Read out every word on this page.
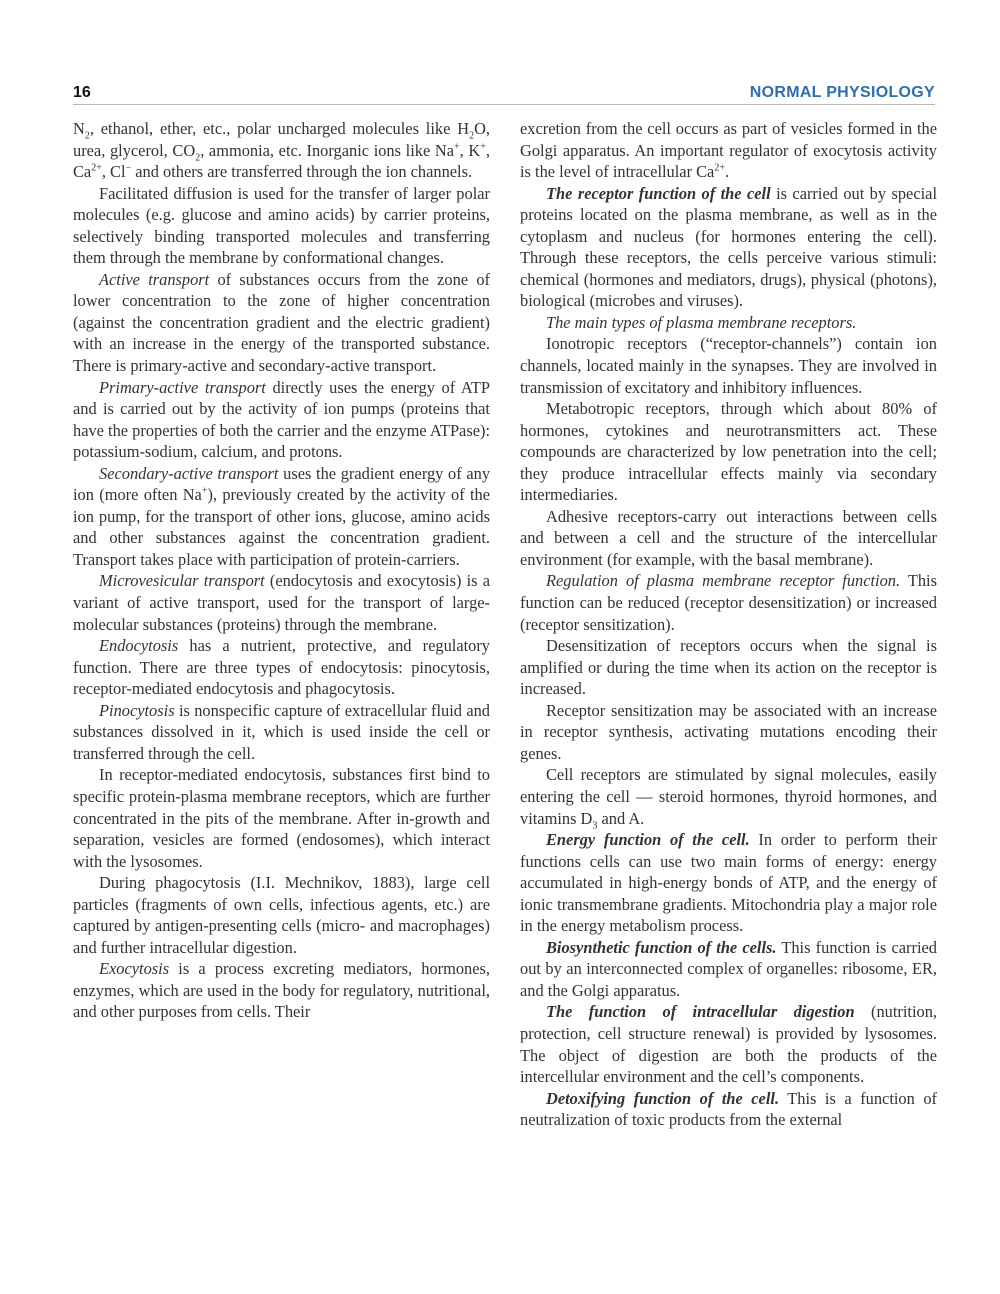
16	NORMAL PHYSIOLOGY

$N_2$, ethanol, ether, etc., polar uncharged molecules like $H_2O$, urea, glycerol, $CO_2$, ammonia, etc. Inorganic ions like Na+, K+, $Ca^{2+}$, Cl− and others are transferred through the ion channels.

Facilitated diffusion is used for the transfer of larger polar molecules (e.g. glucose and amino acids) by carrier proteins, selectively binding transported molecules and transferring them through the membrane by conformational changes.

Active transport of substances occurs from the zone of lower concentration to the zone of higher concentration (against the concentration gradient and the electric gradient) with an increase in the energy of the transported substance. There is primary-active and secondary-active transport.

Primary-active transport directly uses the energy of ATP and is carried out by the activity of ion pumps (proteins that have the properties of both the carrier and the enzyme ATPase): potassium-sodium, calcium, and protons.

Secondary-active transport uses the gradient energy of any ion (more often Na+), previously created by the activity of the ion pump, for the transport of other ions, glucose, amino acids and other substances against the concentration gradient. Transport takes place with participation of protein-carriers.

Microvesicular transport (endocytosis and exocytosis) is a variant of active transport, used for the transport of large-molecular substances (proteins) through the membrane.

Endocytosis has a nutrient, protective, and regulatory function. There are three types of endocytosis: pinocytosis, receptor-mediated endocytosis and phagocytosis.

Pinocytosis is nonspecific capture of extracellular fluid and substances dissolved in it, which is used inside the cell or transferred through the cell.

In receptor-mediated endocytosis, substances first bind to specific protein-plasma membrane receptors, which are further concentrated in the pits of the membrane. After in-growth and separation, vesicles are formed (endosomes), which interact with the lysosomes.

During phagocytosis (I.I. Mechnikov, 1883), large cell particles (fragments of own cells, infectious agents, etc.) are captured by antigen-presenting cells (micro- and macrophages) and further intracellular digestion.

Exocytosis is a process excreting mediators, hormones, enzymes, which are used in the body for regulatory, nutritional, and other purposes from cells. Their

excretion from the cell occurs as part of vesicles formed in the Golgi apparatus. An important regulator of exocytosis activity is the level of intracellular $Ca^{2+}$.

The receptor function of the cell is carried out by special proteins located on the plasma membrane, as well as in the cytoplasm and nucleus (for hormones entering the cell). Through these receptors, the cells perceive various stimuli: chemical (hormones and mediators, drugs), physical (photons), biological (microbes and viruses).

The main types of plasma membrane receptors.

Ionotropic receptors (“receptor-channels”) contain ion channels, located mainly in the synapses. They are involved in transmission of excitatory and inhibitory influences.

Metabotropic receptors, through which about 80% of hormones, cytokines and neurotransmitters act. These compounds are characterized by low penetration into the cell; they produce intracellular effects mainly via secondary intermediaries.

Adhesive receptors-carry out interactions between cells and between a cell and the structure of the intercellular environment (for example, with the basal membrane).

Regulation of plasma membrane receptor function. This function can be reduced (receptor desensitization) or increased (receptor sensitization).

Desensitization of receptors occurs when the signal is amplified or during the time when its action on the receptor is increased.

Receptor sensitization may be associated with an increase in receptor synthesis, activating mutations encoding their genes.

Cell receptors are stimulated by signal molecules, easily entering the cell — steroid hormones, thyroid hormones, and vitamins $D_3$ and A.

Energy function of the cell. In order to perform their functions cells can use two main forms of energy: energy accumulated in high-energy bonds of ATP, and the energy of ionic transmembrane gradients. Mitochondria play a major role in the energy metabolism process.

Biosynthetic function of the cells. This function is carried out by an interconnected complex of organelles: ribosome, ER, and the Golgi apparatus.

The function of intracellular digestion (nutrition, protection, cell structure renewal) is provided by lysosomes. The object of digestion are both the products of the intercellular environment and the cell’s components.

Detoxifying function of the cell. This is a function of neutralization of toxic products from the external
